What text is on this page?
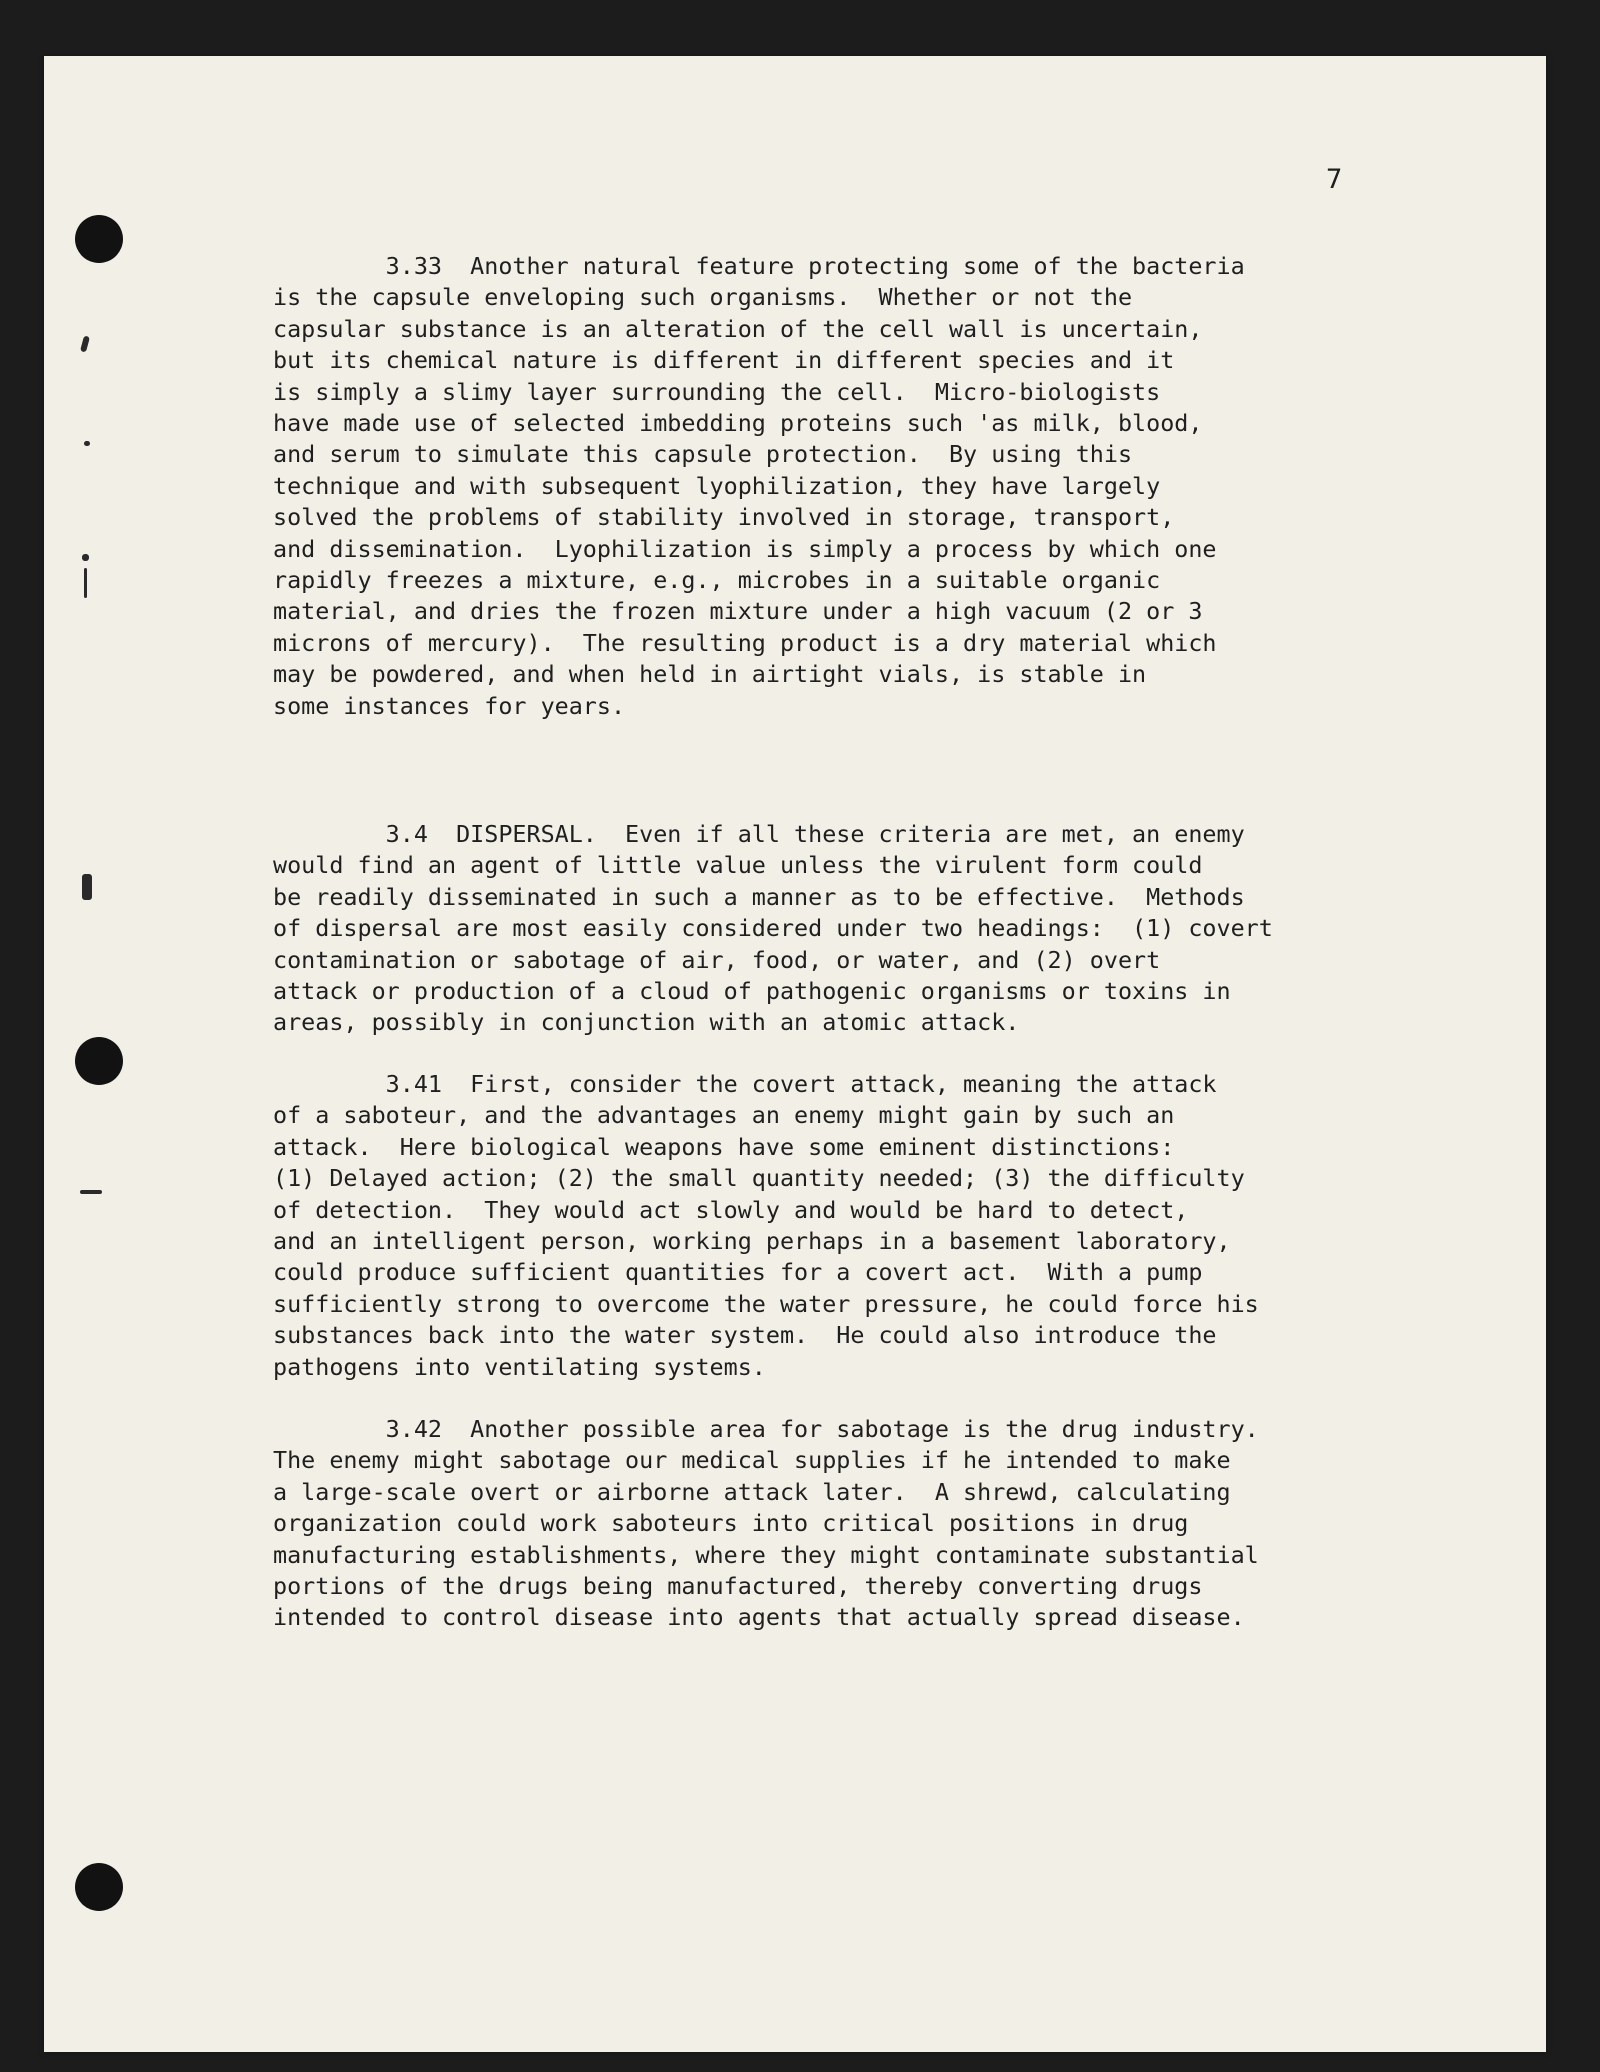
7

3.33  Another natural feature protecting some of the bacteria
is the capsule enveloping such organisms.  Whether or not the
capsular substance is an alteration of the cell wall is uncertain,
but its chemical nature is different in different species and it
is simply a slimy layer surrounding the cell.  Micro-biologists
have made use of selected imbedding proteins such 'as milk, blood,
and serum to simulate this capsule protection.  By using this
technique and with subsequent lyophilization, they have largely
solved the problems of stability involved in storage, transport,
and dissemination.  Lyophilization is simply a process by which one
rapidly freezes a mixture, e.g., microbes in a suitable organic
material, and dries the frozen mixture under a high vacuum (2 or 3
microns of mercury).  The resulting product is a dry material which
may be powdered, and when held in airtight vials, is stable in
some instances for years.

3.4  DISPERSAL.  Even if all these criteria are met, an enemy
would find an agent of little value unless the virulent form could
be readily disseminated in such a manner as to be effective.  Methods
of dispersal are most easily considered under two headings:  (1) covert
contamination or sabotage of air, food, or water, and (2) overt
attack or production of a cloud of pathogenic organisms or toxins in
areas, possibly in conjunction with an atomic attack.

3.41  First, consider the covert attack, meaning the attack
of a saboteur, and the advantages an enemy might gain by such an
attack.  Here biological weapons have some eminent distinctions:
(1) Delayed action; (2) the small quantity needed; (3) the difficulty
of detection.  They would act slowly and would be hard to detect,
and an intelligent person, working perhaps in a basement laboratory,
could produce sufficient quantities for a covert act.  With a pump
sufficiently strong to overcome the water pressure, he could force his
substances back into the water system.  He could also introduce the
pathogens into ventilating systems.

3.42  Another possible area for sabotage is the drug industry.
The enemy might sabotage our medical supplies if he intended to make
a large-scale overt or airborne attack later.  A shrewd, calculating
organization could work saboteurs into critical positions in drug
manufacturing establishments, where they might contaminate substantial
portions of the drugs being manufactured, thereby converting drugs
intended to control disease into agents that actually spread disease.
